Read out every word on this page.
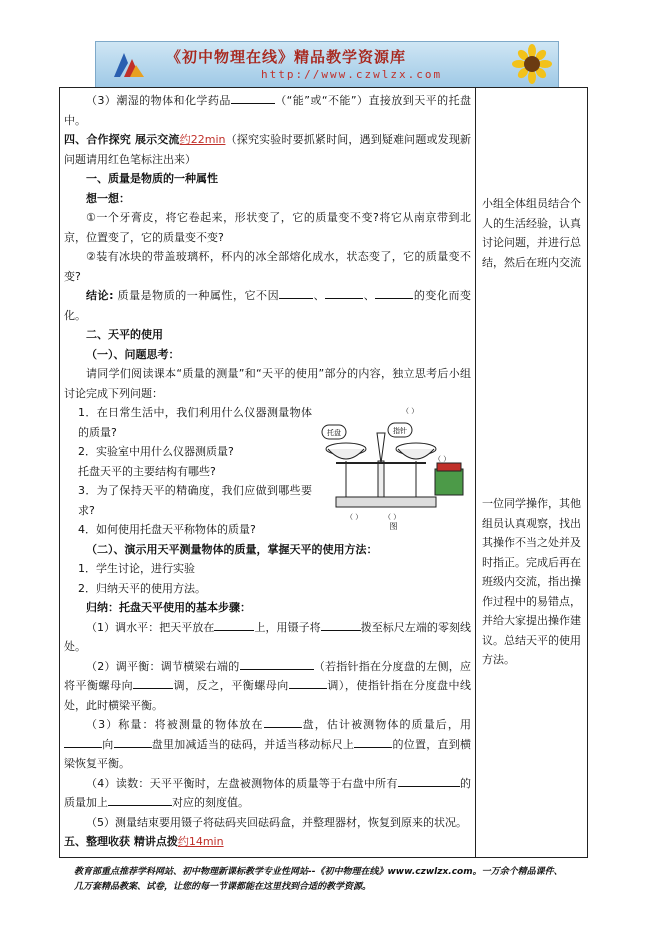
《初中物理在线》精品教学资源库
http://www.czwlzx.com

（3）潮湿的物体和化学药品	（“能”或“不能”）直接放到天平的托盘中。

四、合作探究 展示交流约22min（探究实验时要抓紧时间，遇到疑难问题或发现新问题请用红色笔标注出来）

一、质量是物质的一种属性

想一想：

①一个牙膏皮，将它卷起来，形状变了，它的质量变不变?将它从南京带到北京，位置变了，它的质量变不变?

②装有冰块的带盖玻璃杯，杯内的冰全部熔化成水，状态变了，它的质量变不变?

结论: 质量是物质的一种属性，它不因	、	、	的变化而变化。

二、天平的使用

（一）、问题思考：

请同学们阅读课本“质量的测量”和“天平的使用”部分的内容，独立思考后小组讨论完成下列问题：

托盘	指针
（ ）
（ ）
（ ）	（ ）
图

1．在日常生活中，我们利用什么仪器测量物体的质量?

2．实验室中用什么仪器测质量?

托盘天平的主要结构有哪些?

3．为了保持天平的精确度，我们应做到哪些要求?

4．如何使用托盘天平称物体的质量?

（二）、演示用天平测量物体的质量，掌握天平的使用方法：

1．学生讨论，进行实验

2．归纳天平的使用方法。

归纳：托盘天平使用的基本步骤：

（1）调水平：把天平放在	上，用镊子将	拨至标尺左端的零刻线处。

（2）调平衡：调节横梁右端的	（若指针指在分度盘的左侧，应将平衡螺母向	调，反之，平衡螺母向	调），使指针指在分度盘中线处，此时横梁平衡。

（3）称量：将被测量的物体放在	盘，估计被测物体的质量后，用向	盘里加减适当的砝码，并适当移动标尺上	的位置，直到横梁恢复平衡。

（4）读数：天平平衡时，左盘被测物体的质量等于右盘中所有	的质量加上	对应的刻度值。

（5）测量结束要用镊子将砝码夹回砝码盒，并整理器材，恢复到原来的状况。

五、整理收获 精讲点拨约14min

小组全体组员结合个人的生活经验，认真讨论问题，并进行总结，然后在班内交流

一位同学操作，其他组员认真观察，找出其操作不当之处并及时指正。完成后再在班级内交流，指出操作过程中的易错点，并给大家提出操作建议。总结天平的使用方法。

教育部重点推荐学科网站、初中物理新课标教学专业性网站--《初中物理在线》www.czwlzx.com。一万余个精品课件、
几万套精品教案、试卷，让您的每一节课都能在这里找到合适的教学资源。
